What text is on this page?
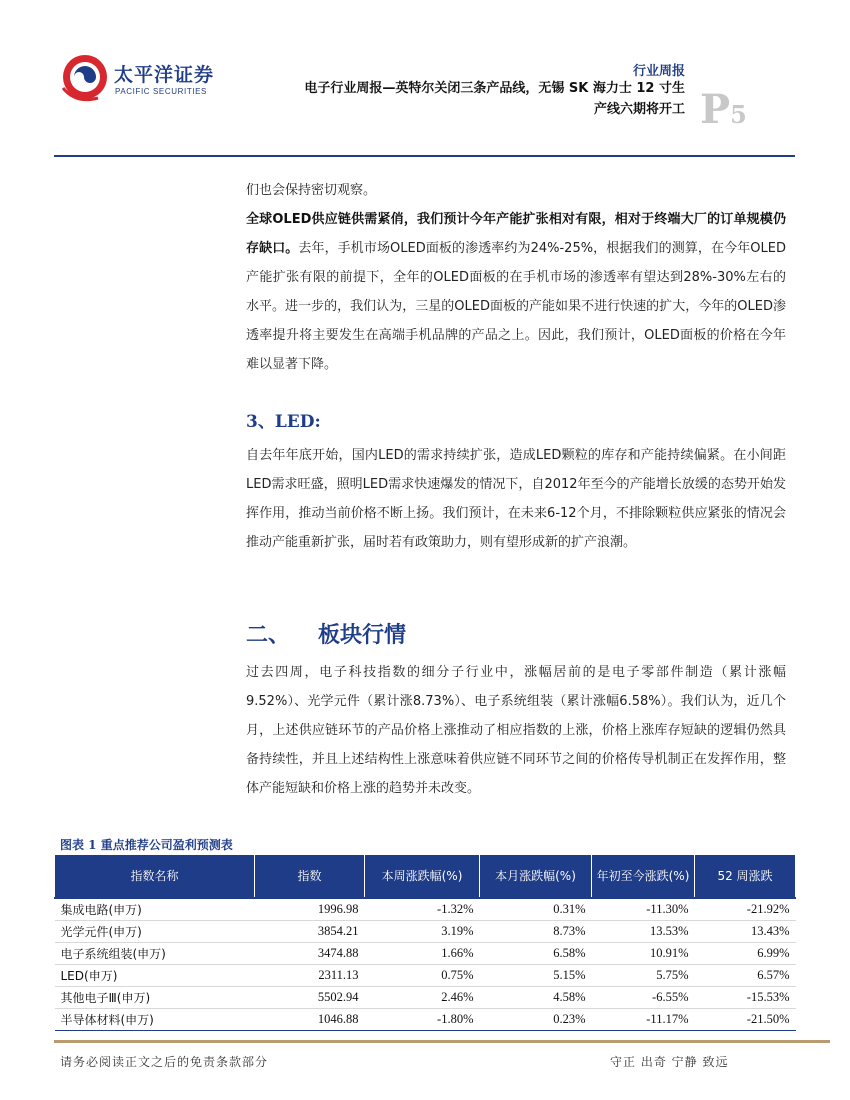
太平洋证券
PACIFIC SECURITIES
行业周报
电子行业周报—英特尔关闭三条产品线，无锡 SK 海力士 12 寸生
产线六期将开工 P5
们也会保持密切观察。
全球OLED供应链供需紧俏，我们预计今年产能扩张相对有限，相对于终端大厂的订单规模仍存缺口。去年，手机市场OLED面板的渗透率约为24%-25%，根据我们的测算，在今年OLED产能扩张有限的前提下，全年的OLED面板的在手机市场的渗透率有望达到28%-30%左右的水平。进一步的，我们认为，三星的OLED面板的产能如果不进行快速的扩大，今年的OLED渗透率提升将主要发生在高端手机品牌的产品之上。因此，我们预计，OLED面板的价格在今年难以显著下降。
3、LED:
自去年年底开始，国内LED的需求持续扩张，造成LED颗粒的库存和产能持续偏紧。在小间距LED需求旺盛，照明LED需求快速爆发的情况下，自2012年至今的产能增长放缓的态势开始发挥作用，推动当前价格不断上扬。我们预计，在未来6-12个月，不排除颗粒供应紧张的情况会推动产能重新扩张，届时若有政策助力，则有望形成新的扩产浪潮。
二、 板块行情
过去四周，电子科技指数的细分子行业中，涨幅居前的是电子零部件制造（累计涨幅9.52%）、光学元件（累计涨8.73%）、电子系统组装（累计涨幅6.58%）。我们认为，近几个月，上述供应链环节的产品价格上涨推动了相应指数的上涨，价格上涨库存短缺的逻辑仍然具备持续性，并且上述结构性上涨意味着供应链不同环节之间的价格传导机制正在发挥作用，整体产能短缺和价格上涨的趋势并未改变。
图表 1 重点推荐公司盈利预测表
指数名称	指数	本周涨跌幅(%)	本月涨跌幅(%)	年初至今涨跌(%)	52 周涨跌
集成电路(申万)	1996.98	-1.32%	0.31%	-11.30%	-21.92%
光学元件(申万)	3854.21	3.19%	8.73%	13.53%	13.43%
电子系统组装(申万)	3474.88	1.66%	6.58%	10.91%	6.99%
LED(申万)	2311.13	0.75%	5.15%	5.75%	6.57%
其他电子Ⅲ(申万)	5502.94	2.46%	4.58%	-6.55%	-15.53%
半导体材料(申万)	1046.88	-1.80%	0.23%	-11.17%	-21.50%
请务必阅读正文之后的免责条款部分	守正 出奇 宁静 致远
